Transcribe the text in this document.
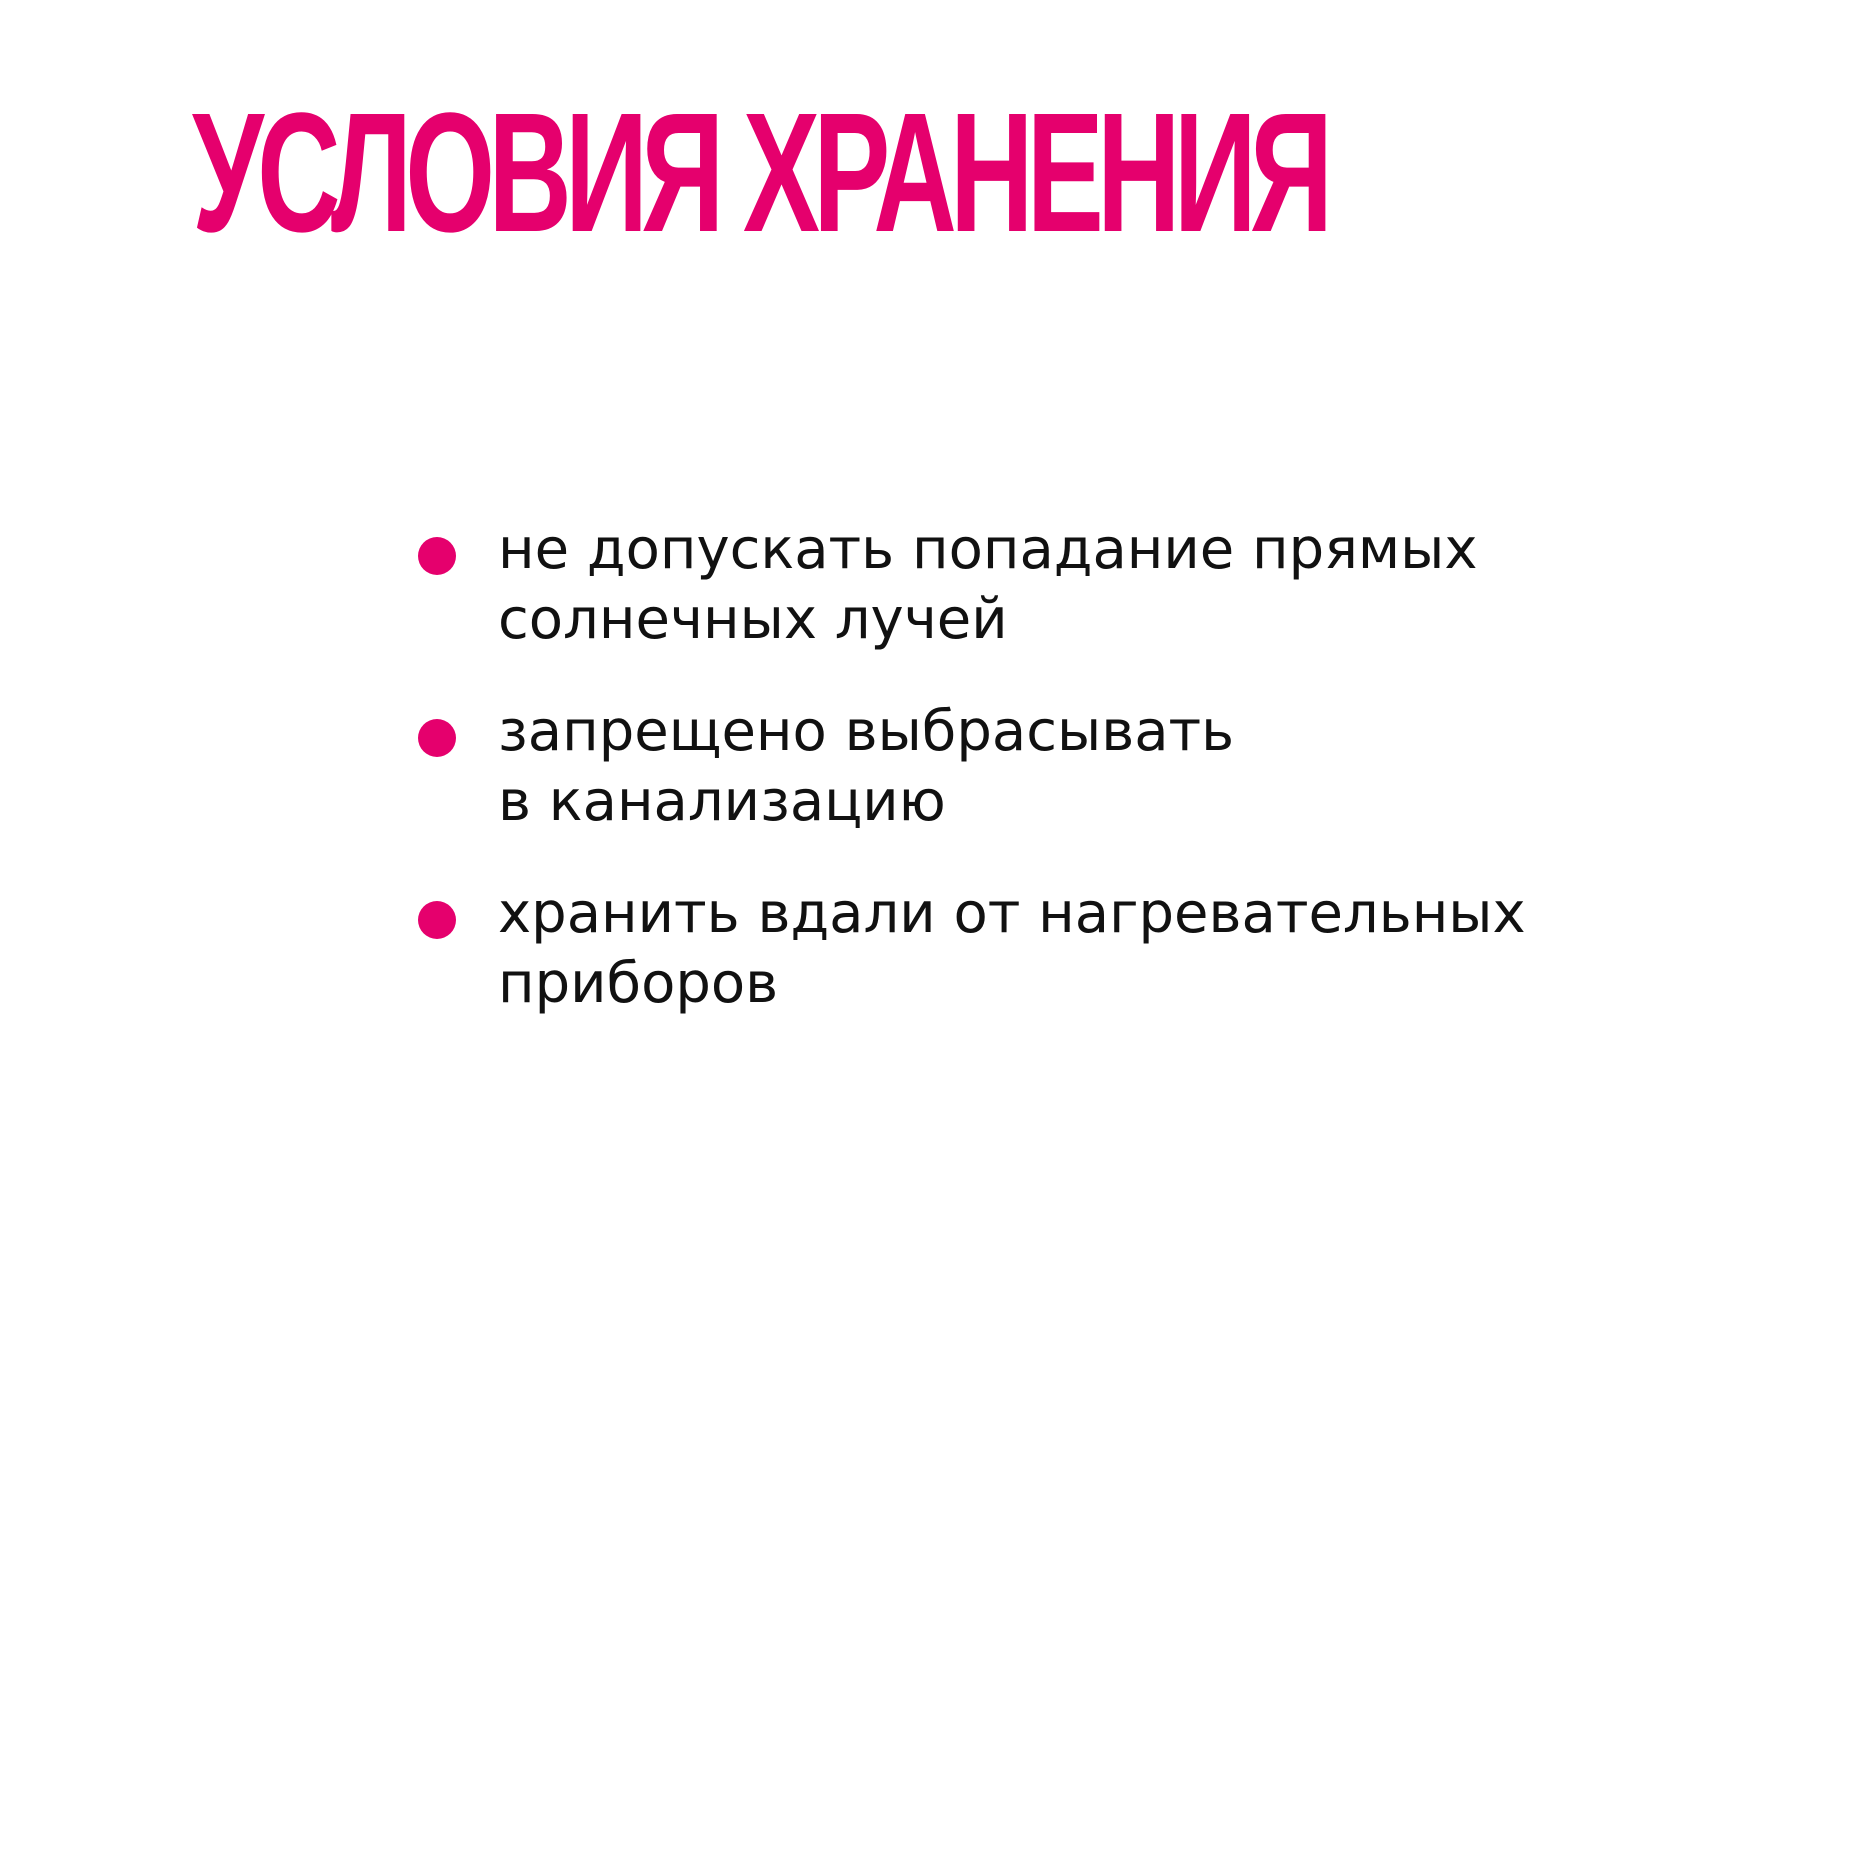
УСЛОВИЯ ХРАНЕНИЯ
не допускать попадание прямых
солнечных лучей
запрещено выбрасывать
в канализацию
хранить вдали от нагревательных
приборов
